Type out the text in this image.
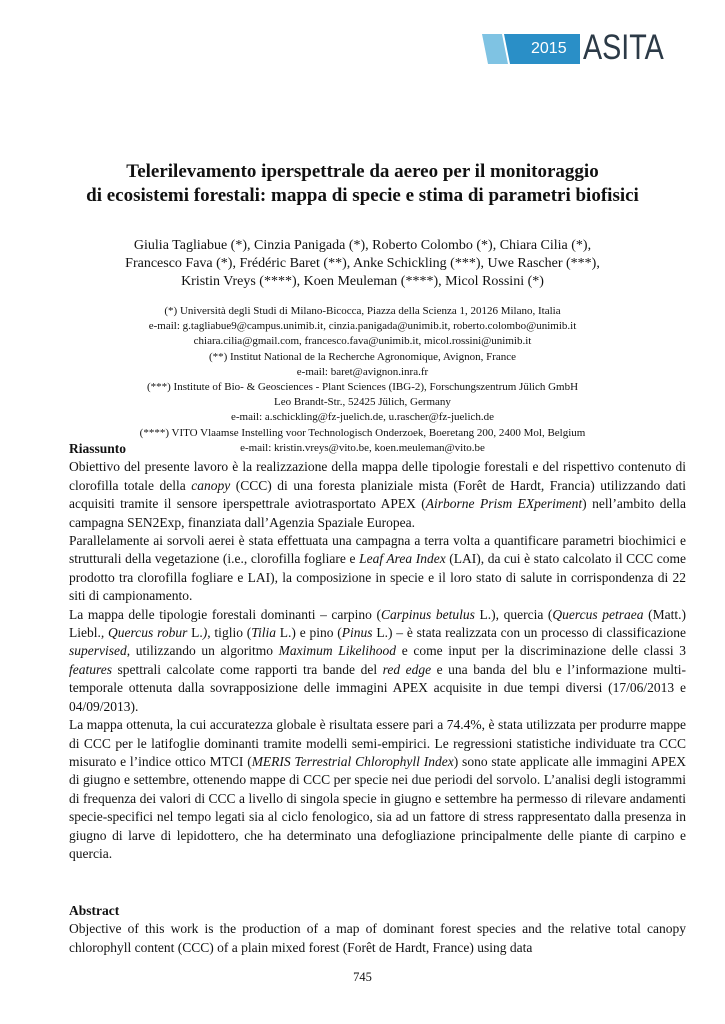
2015 ASITA
Telerilevamento iperspettrale da aereo per il monitoraggio
di ecosistemi forestali: mappa di specie e stima di parametri biofisici
Giulia Tagliabue (*), Cinzia Panigada (*), Roberto Colombo (*), Chiara Cilia (*),
Francesco Fava (*), Frédéric Baret (**), Anke Schickling (***), Uwe Rascher (***),
Kristin Vreys (****), Koen Meuleman (****), Micol Rossini (*)
(*) Università degli Studi di Milano-Bicocca, Piazza della Scienza 1, 20126 Milano, Italia
e-mail: g.tagliabue9@campus.unimib.it, cinzia.panigada@unimib.it, roberto.colombo@unimib.it
chiara.cilia@gmail.com, francesco.fava@unimib.it, micol.rossini@unimib.it
(**) Institut National de la Recherche Agronomique, Avignon, France
e-mail: baret@avignon.inra.fr
(***) Institute of Bio- & Geosciences - Plant Sciences (IBG-2), Forschungszentrum Jülich GmbH
Leo Brandt-Str., 52425 Jülich, Germany
e-mail: a.schickling@fz-juelich.de, u.rascher@fz-juelich.de
(****) VITO Vlaamse Instelling voor Technologisch Onderzoek, Boeretang 200, 2400 Mol, Belgium
e-mail: kristin.vreys@vito.be, koen.meuleman@vito.be
Riassunto

Obiettivo del presente lavoro è la realizzazione della mappa delle tipologie forestali e del rispettivo contenuto di clorofilla totale della canopy (CCC) di una foresta planiziale mista (Forêt de Hardt, Francia) utilizzando dati acquisiti tramite il sensore iperspettrale aviotrasportato APEX (Airborne Prism EXperiment) nell’ambito della campagna SEN2Exp, finanziata dall’Agenzia Spaziale Europea.

Parallelamente ai sorvoli aerei è stata effettuata una campagna a terra volta a quantificare parametri biochimici e strutturali della vegetazione (i.e., clorofilla fogliare e Leaf Area Index (LAI), da cui è stato calcolato il CCC come prodotto tra clorofilla fogliare e LAI), la composizione in specie e il loro stato di salute in corrispondenza di 22 siti di campionamento.

La mappa delle tipologie forestali dominanti – carpino (Carpinus betulus L.), quercia (Quercus petraea (Matt.) Liebl., Quercus robur L.), tiglio (Tilia L.) e pino (Pinus L.) – è stata realizzata con un processo di classificazione supervised, utilizzando un algoritmo Maximum Likelihood e come input per la discriminazione delle classi 3 features spettrali calcolate come rapporti tra bande del red edge e una banda del blu e l’informazione multi-temporale ottenuta dalla sovrapposizione delle immagini APEX acquisite in due tempi diversi (17/06/2013 e 04/09/2013).

La mappa ottenuta, la cui accuratezza globale è risultata essere pari a 74.4%, è stata utilizzata per produrre mappe di CCC per le latifoglie dominanti tramite modelli semi-empirici. Le regressioni statistiche individuate tra CCC misurato e l’indice ottico MTCI (MERIS Terrestrial Chlorophyll Index) sono state applicate alle immagini APEX di giugno e settembre, ottenendo mappe di CCC per specie nei due periodi del sorvolo. L’analisi degli istogrammi di frequenza dei valori di CCC a livello di singola specie in giugno e settembre ha permesso di rilevare andamenti specie-specifici nel tempo legati sia al ciclo fenologico, sia ad un fattore di stress rappresentato dalla presenza in giugno di larve di lepidottero, che ha determinato una defogliazione principalmente delle piante di carpino e quercia.

Abstract

Objective of this work is the production of a map of dominant forest species and the relative total canopy chlorophyll content (CCC) of a plain mixed forest (Forêt de Hardt, France) using data

745
